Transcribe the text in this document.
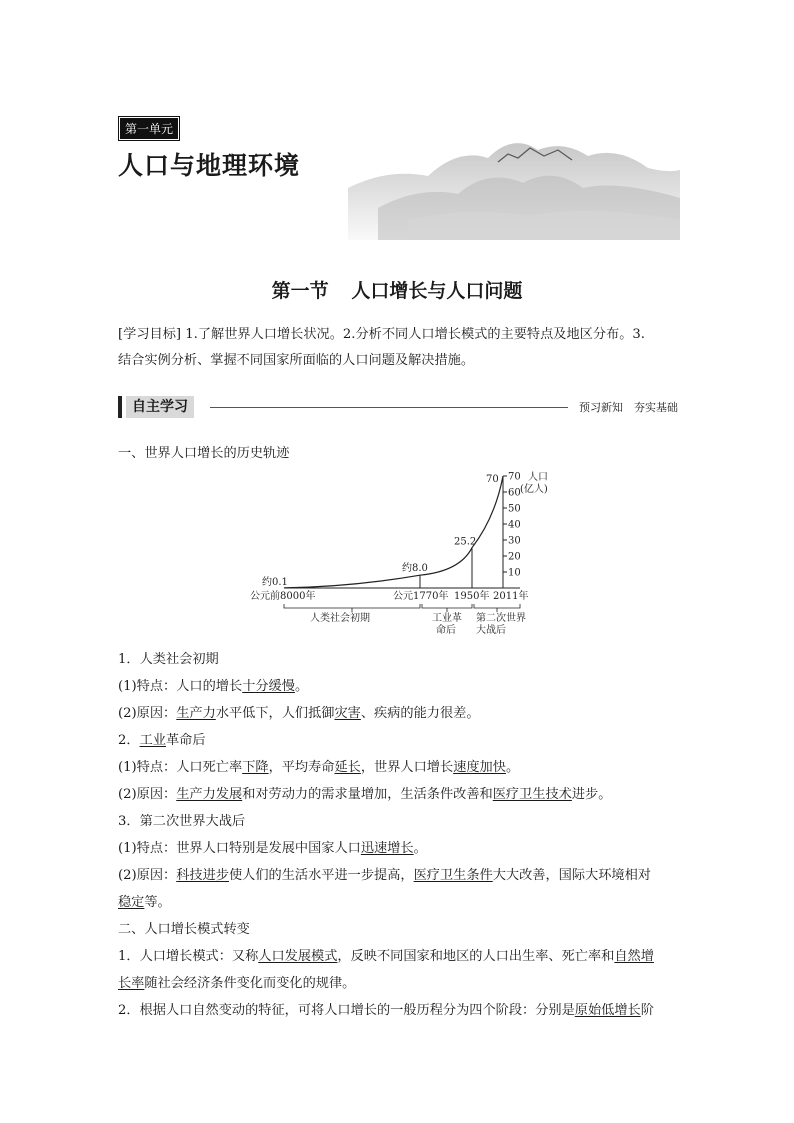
第一单元
人口与地理环境
第一节 人口增长与人口问题
[学习目标] 1.了解世界人口增长状况。2.分析不同人口增长模式的主要特点及地区分布。3.
结合实例分析、掌握不同国家所面临的人口问题及解决措施。
自主学习	预习新知　夯实基础

一、世界人口增长的历史轨迹

10
20
30
40
50
60
70 人口
(亿人)
约0.1
约8.0
25.2
70
公元前8000年	公元1770年 1950年 2011年
人类社会初期	工业革
命后
第二次世界
大战后

1．人类社会初期

(1)特点：人口的增长十分缓慢。

(2)原因：生产力水平低下，人们抵御灾害、疾病的能力很差。

2．工业革命后

(1)特点：人口死亡率下降，平均寿命延长，世界人口增长速度加快。

(2)原因：生产力发展和对劳动力的需求量增加，生活条件改善和医疗卫生技术进步。

3．第二次世界大战后

(1)特点：世界人口特别是发展中国家人口迅速增长。

(2)原因：科技进步使人们的生活水平进一步提高，医疗卫生条件大大改善，国际大环境相对

稳定等。

二、人口增长模式转变

1．人口增长模式：又称人口发展模式，反映不同国家和地区的人口出生率、死亡率和自然增

长率随社会经济条件变化而变化的规律。

2．根据人口自然变动的特征，可将人口增长的一般历程分为四个阶段：分别是原始低增长阶
